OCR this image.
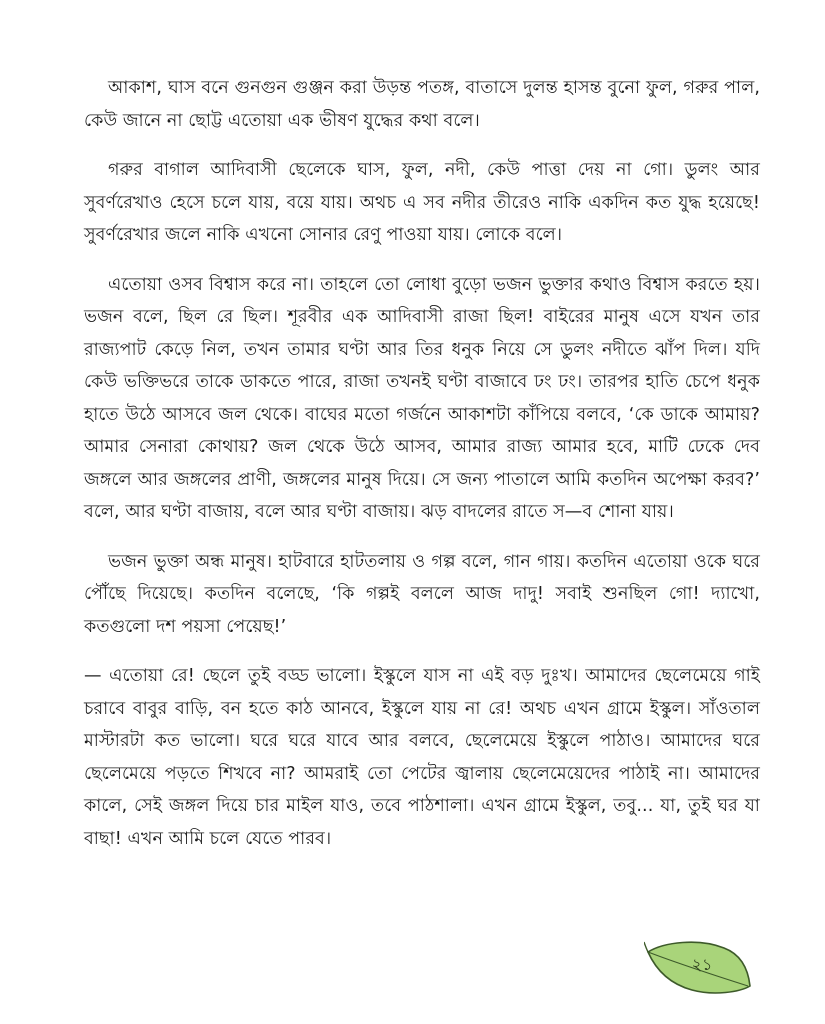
আকাশ, ঘাস বনে গুনগুন গুঞ্জন করা উড়ন্ত পতঙ্গ, বাতাসে দুলন্ত হাসন্ত বুনো ফুল, গরুর পাল, কেউ জানে না ছোট্ট এতোয়া এক ভীষণ যুদ্ধের কথা বলে।

গরুর বাগাল আদিবাসী ছেলেকে ঘাস, ফুল, নদী, কেউ পাত্তা দেয় না গো। ডুলং আর সুবর্ণরেখাও হেসে চলে যায়, বয়ে যায়। অথচ এ সব নদীর তীরেও নাকি একদিন কত যুদ্ধ হয়েছে! সুবর্ণরেখার জলে নাকি এখনো সোনার রেণু পাওয়া যায়। লোকে বলে।

এতোয়া ওসব বিশ্বাস করে না। তাহলে তো লোধা বুড়ো ভজন ভুক্তার কথাও বিশ্বাস করতে হয়। ভজন বলে, ছিল রে ছিল। শূরবীর এক আদিবাসী রাজা ছিল! বাইরের মানুষ এসে যখন তার রাজ্যপাট কেড়ে নিল, তখন তামার ঘণ্টা আর তির ধনুক নিয়ে সে ডুলং নদীতে ঝাঁপ দিল। যদি কেউ ভক্তিভরে তাকে ডাকতে পারে, রাজা তখনই ঘণ্টা বাজাবে ঢং ঢং। তারপর হাতি চেপে ধনুক হাতে উঠে আসবে জল থেকে। বাঘের মতো গর্জনে আকাশটা কাঁপিয়ে বলবে, ‘কে ডাকে আমায়? আমার সেনারা কোথায়? জল থেকে উঠে আসব, আমার রাজ্য আমার হবে, মাটি ঢেকে দেব জঙ্গলে আর জঙ্গলের প্রাণী, জঙ্গলের মানুষ দিয়ে। সে জন্য পাতালে আমি কতদিন অপেক্ষা করব?’ বলে, আর ঘণ্টা বাজায়, বলে আর ঘণ্টা বাজায়। ঝড় বাদলের রাতে স—ব শোনা যায়।

ভজন ভুক্তা অন্ধ মানুষ। হাটবারে হাটতলায় ও গল্প বলে, গান গায়। কতদিন এতোয়া ওকে ঘরে পৌঁছে দিয়েছে। কতদিন বলেছে, ‘কি গল্পই বললে আজ দাদু! সবাই শুনছিল গো! দ্যাখো, কতগুলো দশ পয়সা পেয়েছ!’

— এতোয়া রে! ছেলে তুই বড্ড ভালো। ইস্কুলে যাস না এই বড় দুঃখ। আমাদের ছেলেমেয়ে গাই চরাবে বাবুর বাড়ি, বন হতে কাঠ আনবে, ইস্কুলে যায় না রে! অথচ এখন গ্রামে ইস্কুল। সাঁওতাল মাস্টারটা কত ভালো। ঘরে ঘরে যাবে আর বলবে, ছেলেমেয়ে ইস্কুলে পাঠাও। আমাদের ঘরে ছেলেমেয়ে পড়তে শিখবে না? আমরাই তো পেটের জ্বালায় ছেলেমেয়েদের পাঠাই না। আমাদের কালে, সেই জঙ্গল দিয়ে চার মাইল যাও, তবে পাঠশালা। এখন গ্রামে ইস্কুল, তবু... যা, তুই ঘর যা বাছা! এখন আমি চলে যেতে পারব।

২১
